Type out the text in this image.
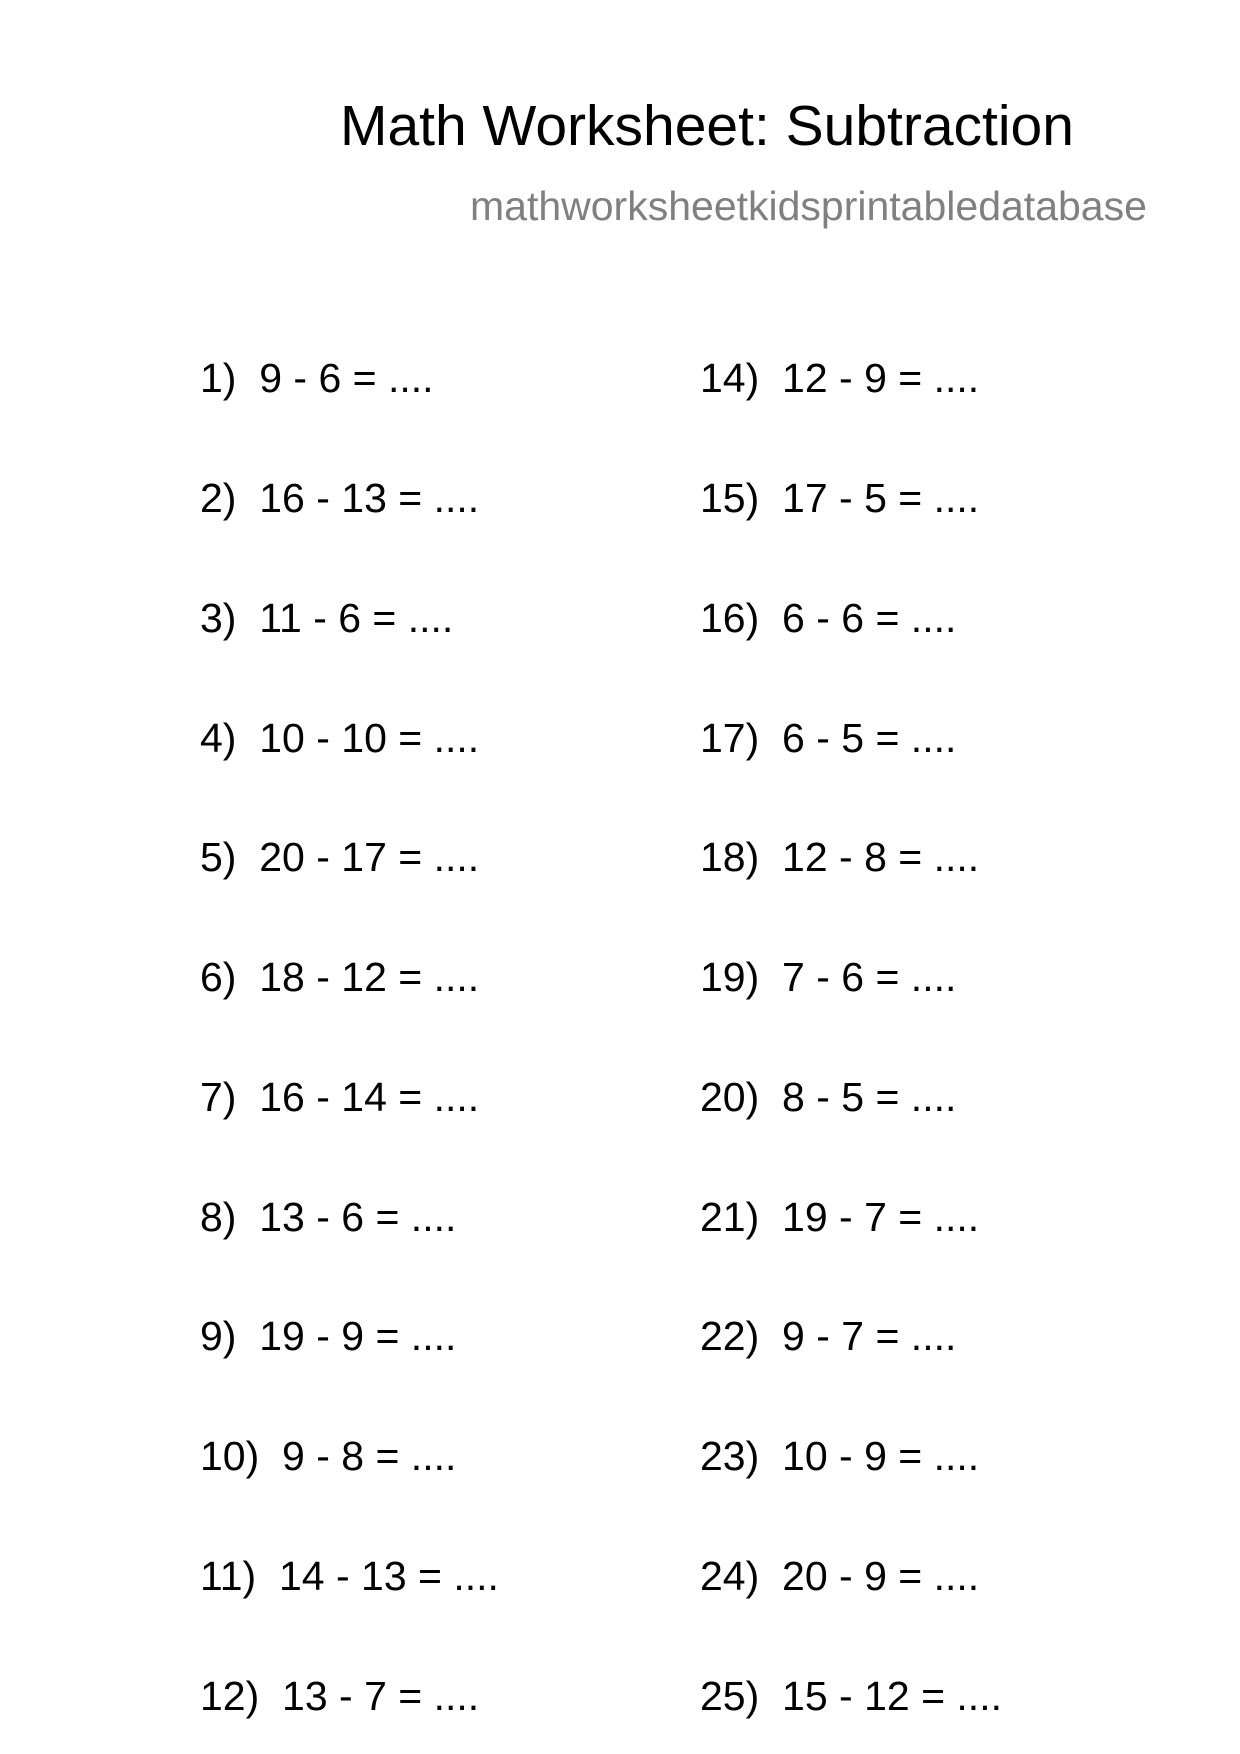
Math Worksheet: Subtraction
mathworksheetkidsprintabledatabase
1)  9 - 6 = ....
2)  16 - 13 = ....
3)  11 - 6 = ....
4)  10 - 10 = ....
5)  20 - 17 = ....
6)  18 - 12 = ....
7)  16 - 14 = ....
8)  13 - 6 = ....
9)  19 - 9 = ....
10)  9 - 8 = ....
11)  14 - 13 = ....
12)  13 - 7 = ....
14)  12 - 9 = ....
15)  17 - 5 = ....
16)  6 - 6 = ....
17)  6 - 5 = ....
18)  12 - 8 = ....
19)  7 - 6 = ....
20)  8 - 5 = ....
21)  19 - 7 = ....
22)  9 - 7 = ....
23)  10 - 9 = ....
24)  20 - 9 = ....
25)  15 - 12 = ....
